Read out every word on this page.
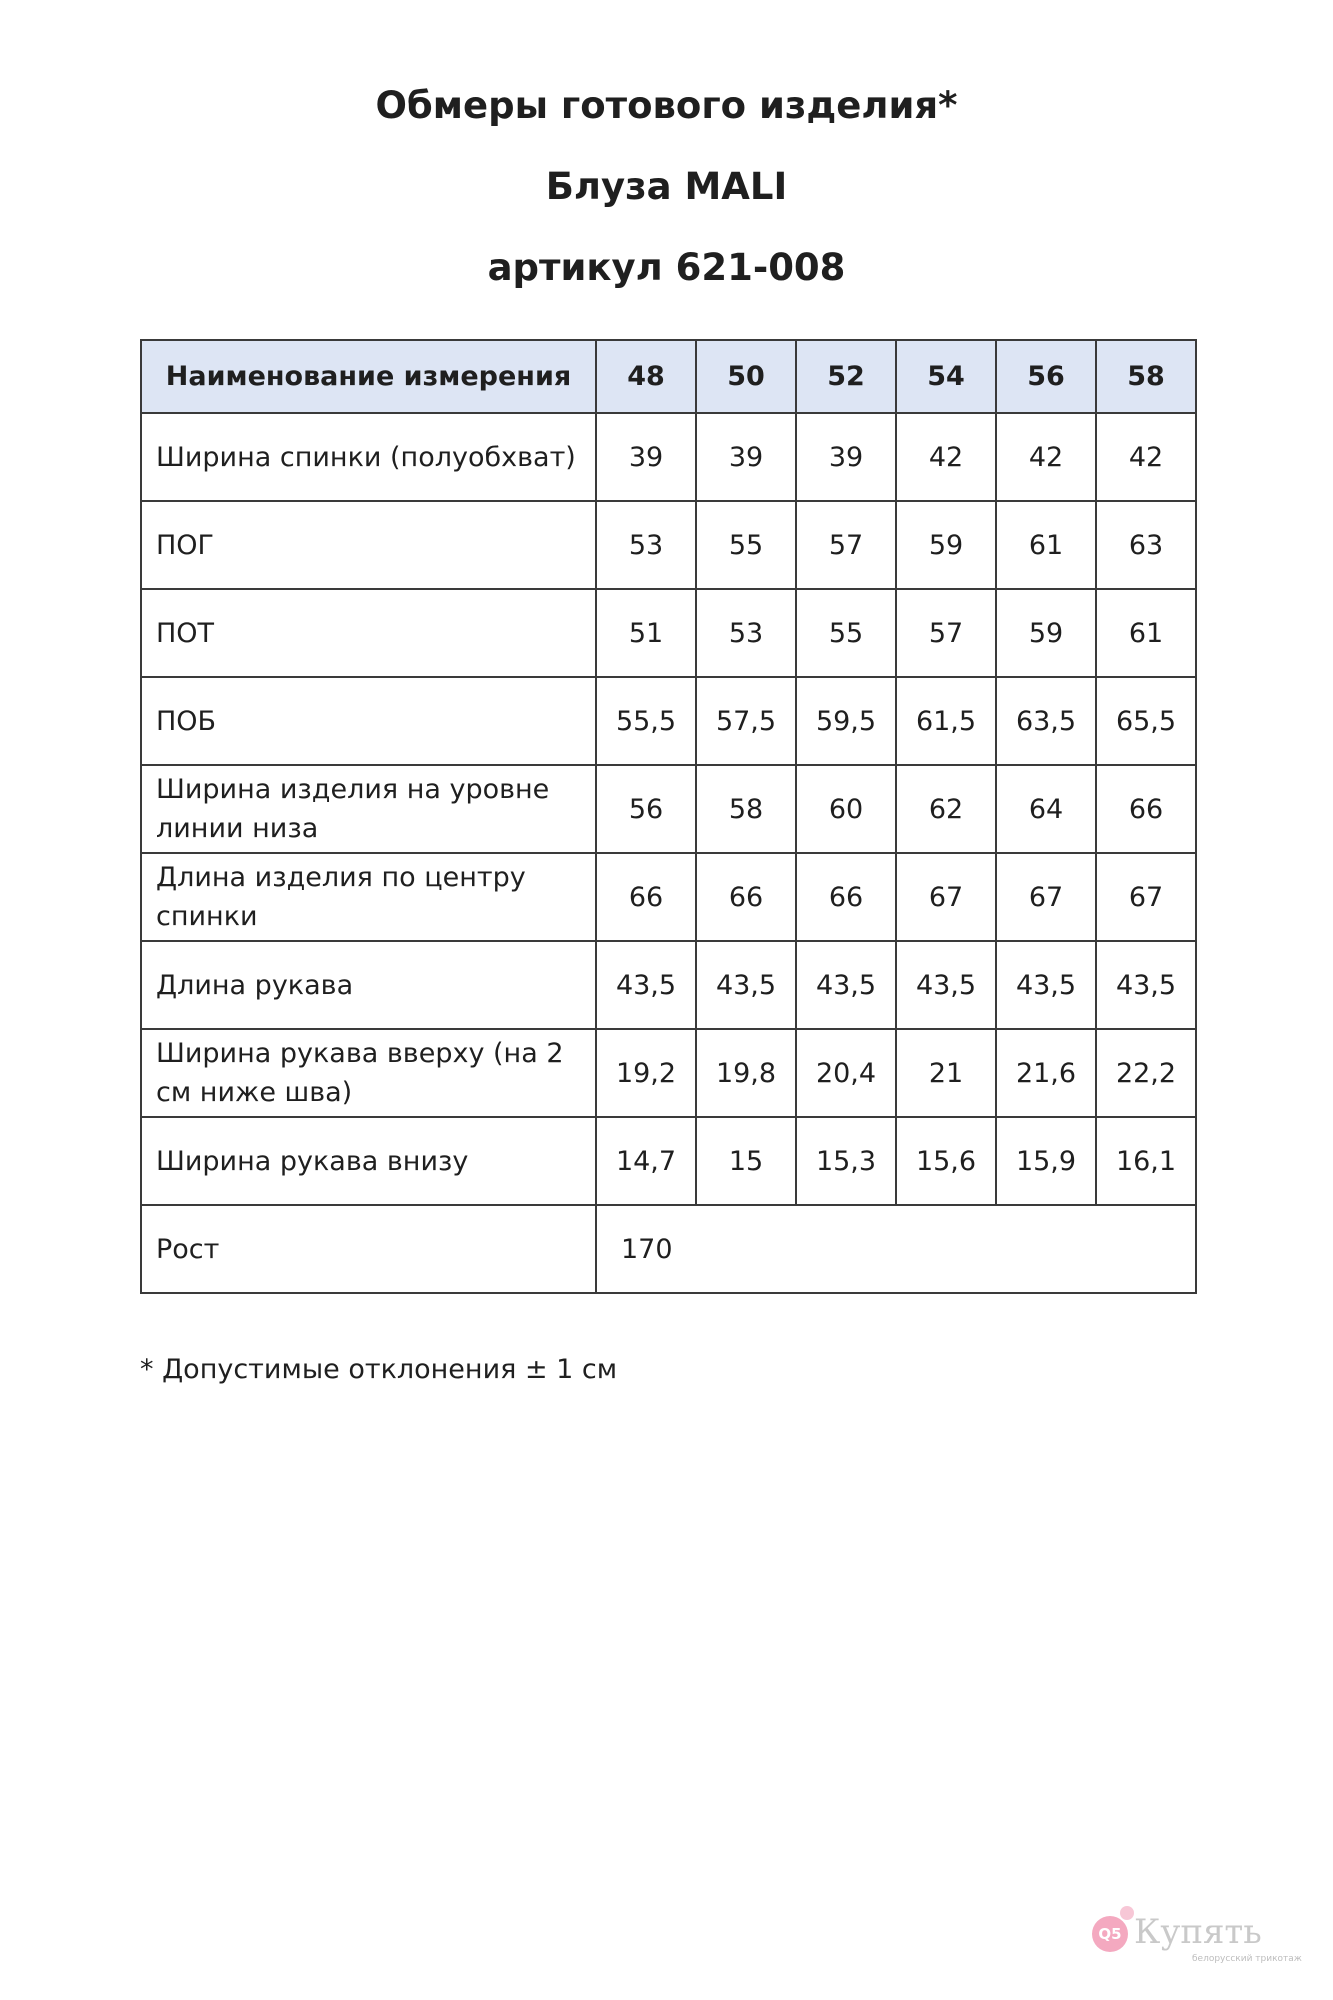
Обмеры готового изделия*
Блуза MALI
артикул 621-008
Наименование измерения	48	50	52	54	56	58
Ширина спинки (полуобхват)	39	39	39	42	42	42
ПОГ	53	55	57	59	61	63
ПОТ	51	53	55	57	59	61
ПОБ	55,5	57,5	59,5	61,5	63,5	65,5
Ширина изделия на уровне линии низа	56	58	60	62	64	66
Длина изделия по центру спинки	66	66	66	67	67	67
Длина рукава	43,5	43,5	43,5	43,5	43,5	43,5
Ширина рукава вверху (на 2 см ниже шва)	19,2	19,8	20,4	21	21,6	22,2
Ширина рукава внизу	14,7	15	15,3	15,6	15,9	16,1
Рост	170					

* Допустимые отклонения ± 1 см

Q5 Купять
белорусский трикотаж
